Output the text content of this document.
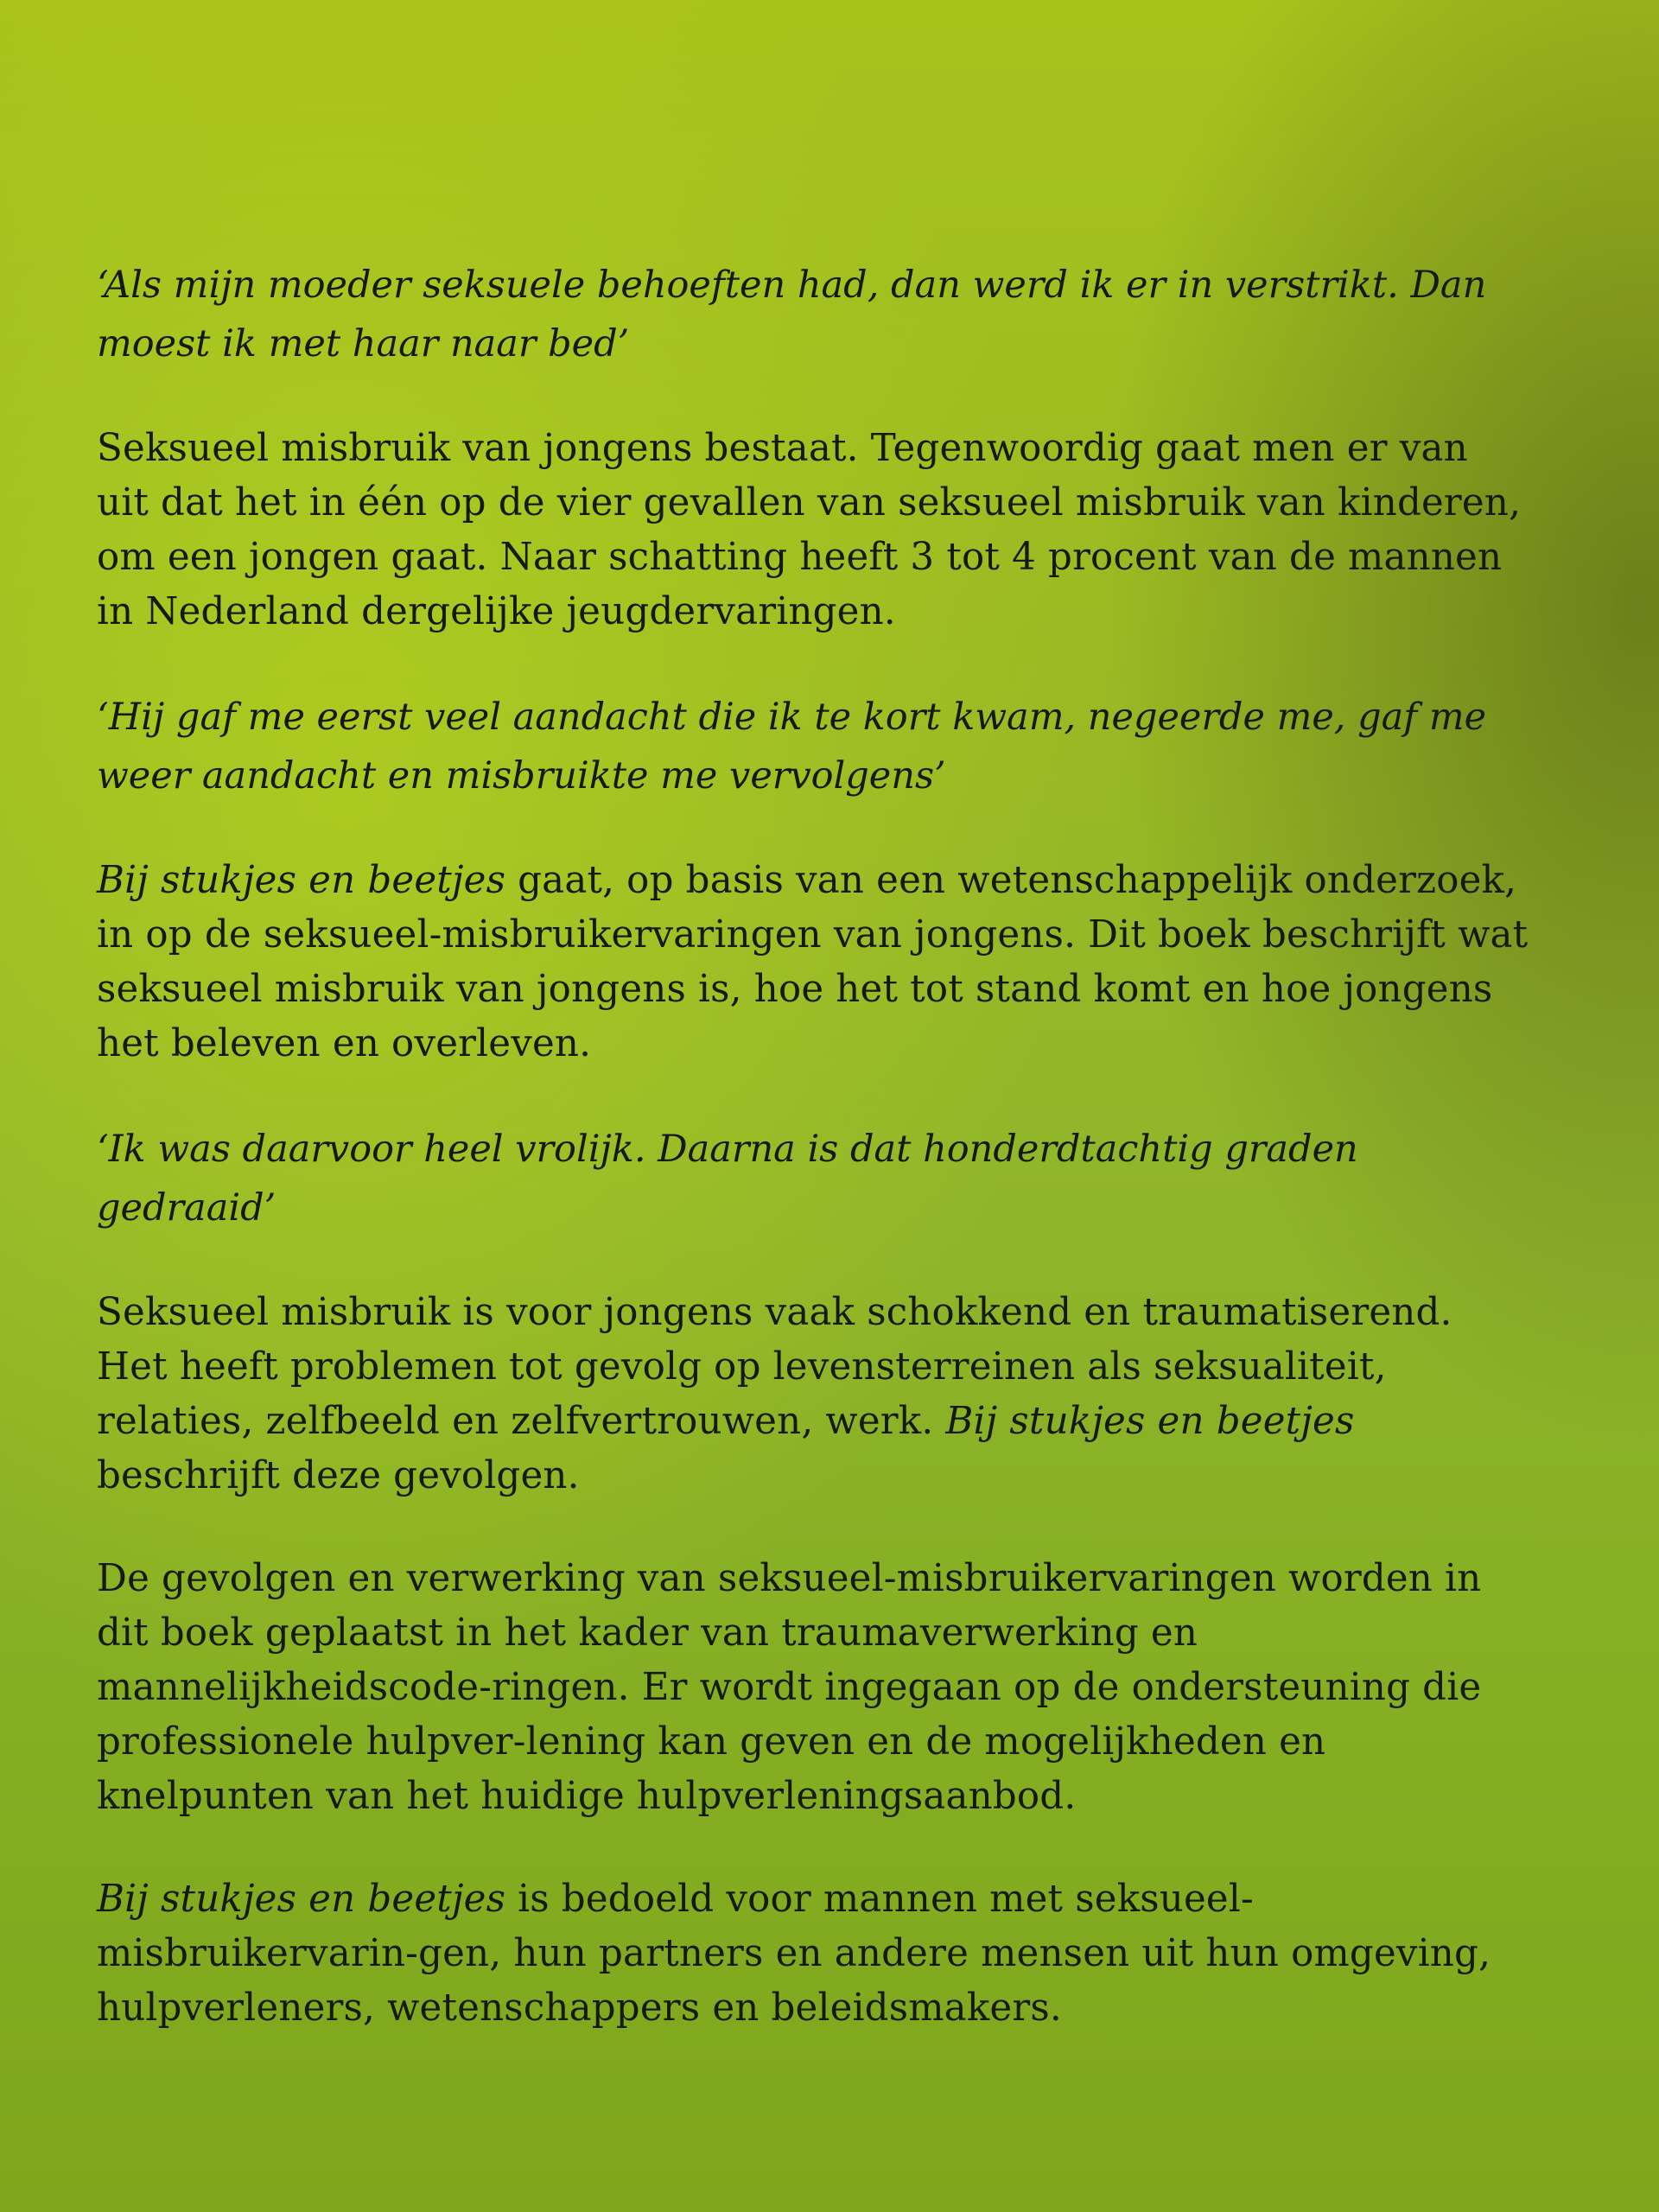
‘Als mijn moeder seksuele behoeften had, dan werd ik er in verstrikt. Dan moest ik met haar naar bed’

Seksueel misbruik van jongens bestaat. Tegenwoordig gaat men er van uit dat het in één op de vier gevallen van seksueel misbruik van kinderen, om een jongen gaat. Naar schatting heeft 3 tot 4 procent van de mannen in Nederland dergelijke jeugdervaringen.

‘Hij gaf me eerst veel aandacht die ik te kort kwam, negeerde me, gaf me weer aandacht en misbruikte me vervolgens’

Bij stukjes en beetjes gaat, op basis van een wetenschappelijk onderzoek, in op de seksueel-misbruikervaringen van jongens. Dit boek beschrijft wat seksueel misbruik van jongens is, hoe het tot stand komt en hoe jongens het beleven en overleven.

‘Ik was daarvoor heel vrolijk. Daarna is dat honderdtachtig graden gedraaid’

Seksueel misbruik is voor jongens vaak schokkend en traumatiserend. Het heeft problemen tot gevolg op levensterreinen als seksualiteit, relaties, zelfbeeld en zelfvertrouwen, werk. Bij stukjes en beetjes beschrijft deze gevolgen.

De gevolgen en verwerking van seksueel-misbruikervaringen worden in dit boek geplaatst in het kader van traumaverwerking en mannelijkheidscode-ringen. Er wordt ingegaan op de ondersteuning die professionele hulpver-lening kan geven en de mogelijkheden en knelpunten van het huidige hulpverleningsaanbod.

Bij stukjes en beetjes is bedoeld voor mannen met seksueel-misbruikervarin-gen, hun partners en andere mensen uit hun omgeving, hulpverleners, wetenschappers en beleidsmakers.
